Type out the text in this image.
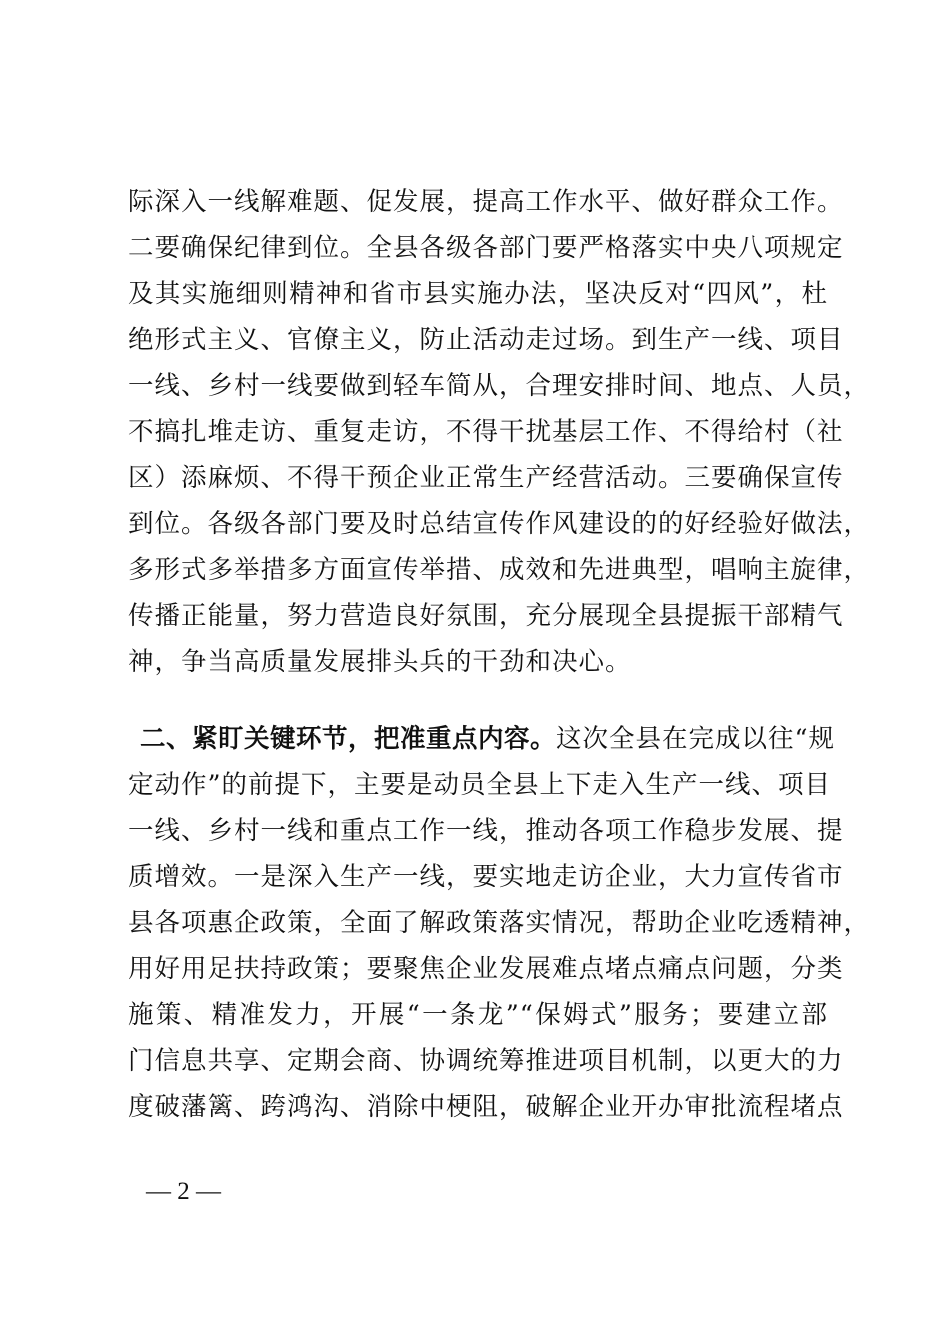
际深入一线解难题、促发展，提高工作水平、做好群众工作。
二要确保纪律到位。全县各级各部门要严格落实中央八项规定
及其实施细则精神和省市县实施办法，坚决反对“四风”，杜
绝形式主义、官僚主义，防止活动走过场。到生产一线、项目
一线、乡村一线要做到轻车简从，合理安排时间、地点、人员，
不搞扎堆走访、重复走访，不得干扰基层工作、不得给村（社
区）添麻烦、不得干预企业正常生产经营活动。三要确保宣传
到位。各级各部门要及时总结宣传作风建设的的好经验好做法，
多形式多举措多方面宣传举措、成效和先进典型，唱响主旋律，
传播正能量，努力营造良好氛围，充分展现全县提振干部精气
神，争当高质量发展排头兵的干劲和决心。
二、紧盯关键环节，把准重点内容。这次全县在完成以往“规
定动作”的前提下，主要是动员全县上下走入生产一线、项目
一线、乡村一线和重点工作一线，推动各项工作稳步发展、提
质增效。一是深入生产一线，要实地走访企业，大力宣传省市
县各项惠企政策，全面了解政策落实情况，帮助企业吃透精神，
用好用足扶持政策；要聚焦企业发展难点堵点痛点问题，分类
施策、精准发力，开展“一条龙”“保姆式”服务；要建立部
门信息共享、定期会商、协调统筹推进项目机制，以更大的力
度破藩篱、跨鸿沟、消除中梗阻，破解企业开办审批流程堵点
— 2 —
